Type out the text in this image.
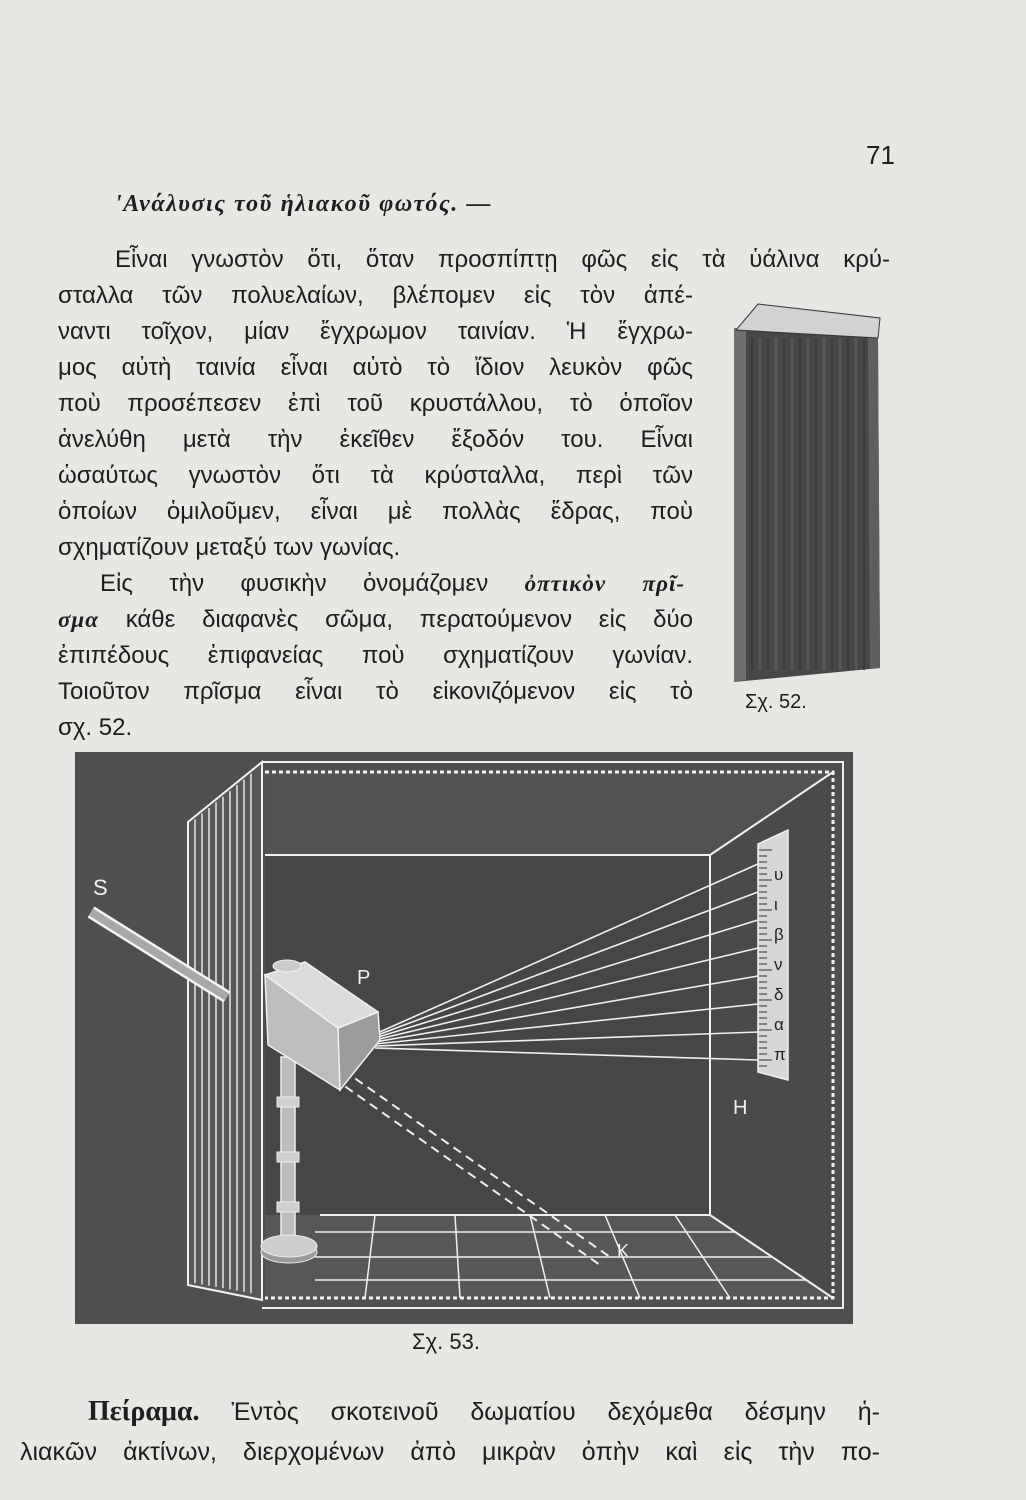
71
'Ανάλυσις τοῦ ἡλιακοῦ φωτός. —
Εἶναι γνωστὸν ὅτι, ὅταν προσπίπτῃ φῶς εἰς τὰ ὑάλινα κρύ-
σταλλα τῶν πολυελαίων, βλέπομεν εἰς τὸν ἀπέ-
ναντι τοῖχον, μίαν ἔγχρωμον ταινίαν. Ἡ ἔγχρω-
μος αὐτὴ ταινία εἶναι αὐτὸ τὸ ἴδιον λευκὸν φῶς
ποὺ προσέπεσεν ἐπὶ τοῦ κρυστάλλου, τὸ ὁποῖον
ἀνελύθη μετὰ τὴν ἐκεῖθεν ἔξοδόν του. Εἶναι
ὡσαύτως γνωστὸν ὅτι τὰ κρύσταλλα, περὶ τῶν
ὁποίων ὁμιλοῦμεν, εἶναι μὲ πολλὰς ἕδρας, ποὺ
σχηματίζουν μεταξύ των γωνίας.
Εἰς τὴν φυσικὴν ὀνομάζομεν ὀπτικὸν πρῖ-
σμα κάθε διαφανὲς σῶμα, περατούμενον εἰς δύο
ἐπιπέδους ἐπιφανείας ποὺ σχηματίζουν γωνίαν.
Τοιοῦτον πρῖσμα εἶναι τὸ εἰκονιζόμενον εἰς τὸ
σχ. 52.
Σχ. 52.
υ
ι
β
ν
δ
α
π
S
P
H
K
Σχ. 53.
Πείραμα. Ἐντὸς σκοτεινοῦ δωματίου δεχόμεθα δέσμην ἡ-
λιακῶν ἀκτίνων, διερχομένων ἀπὸ μικρὰν ὀπὴν καὶ εἰς τὴν πο-
